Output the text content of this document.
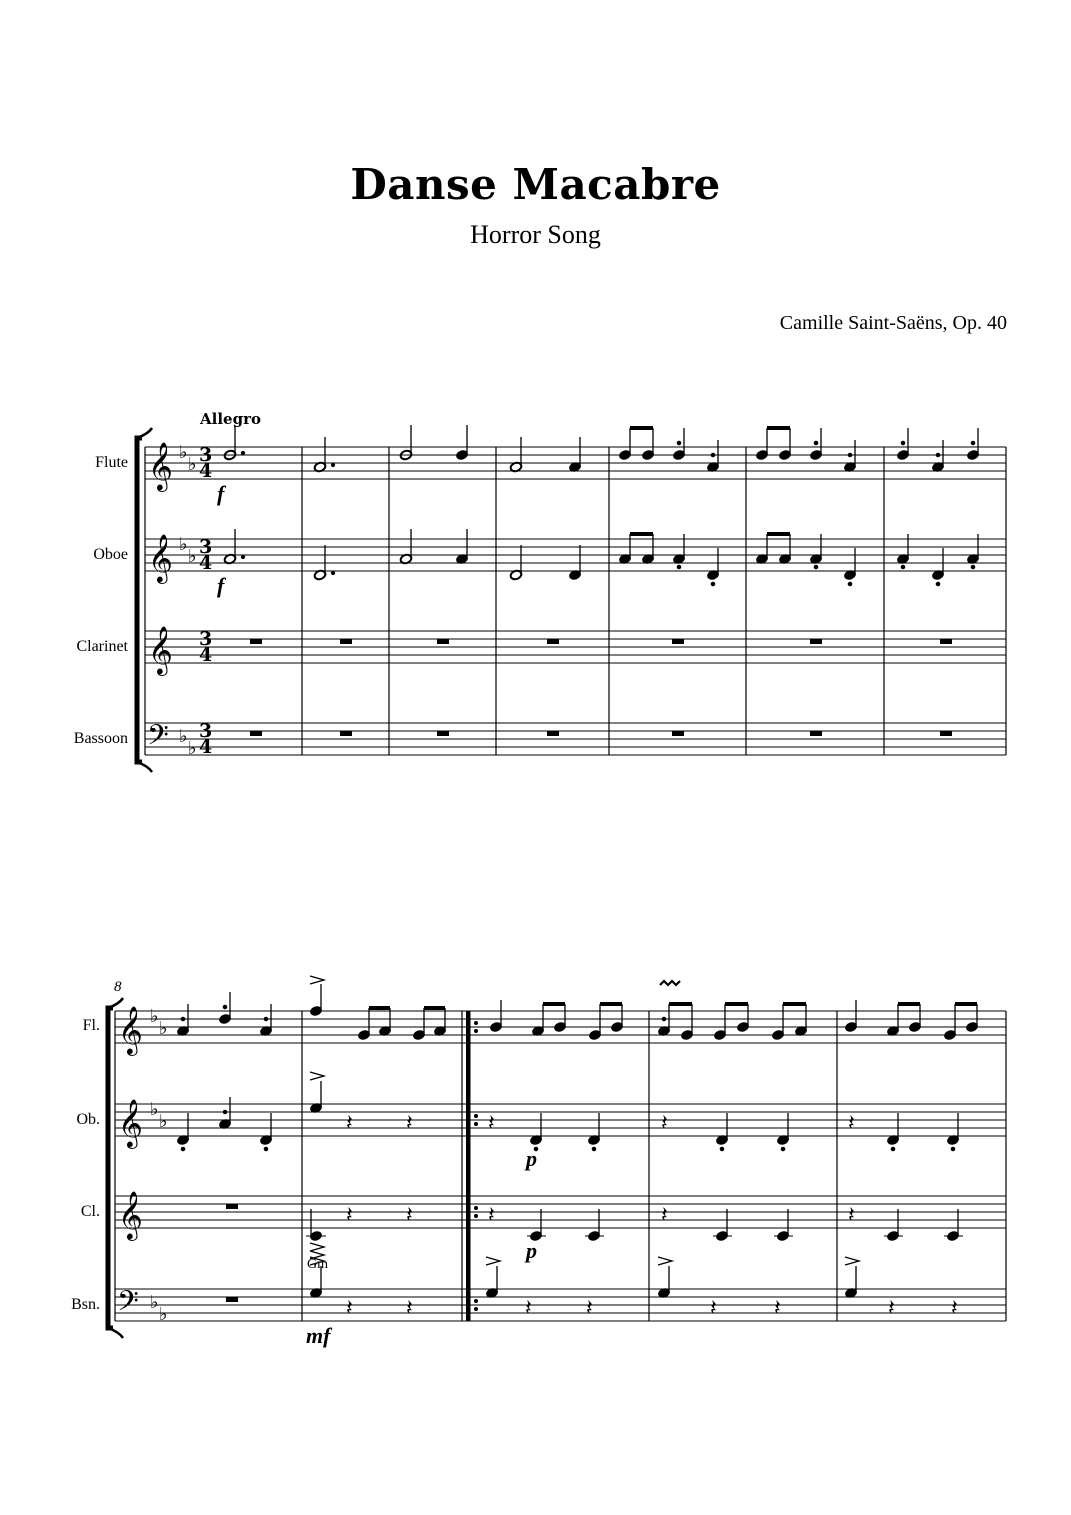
Danse Macabre
Horror Song
Camille Saint-Saëns, Op. 40
Allegro
Flute
Oboe
Clarinet
Bassoon
𝄞
𝄞
𝄞
𝄢
♭
♭
♭
♭
♭
♭
3
4
3
4
3
4
3
4
f
f
8
Fl.
Ob.
Cl.
Bsn.
𝄞
𝄞
𝄞
𝄢
♭
♭
♭
♭
♭
♭
Gm
𝄽 𝄽
𝄽 𝄽
𝄽 𝄽
𝄽	𝄽	𝄽
𝄽	𝄽	𝄽
𝄽 𝄽	𝄽	𝄽	𝄽	𝄽
p
p
mf
